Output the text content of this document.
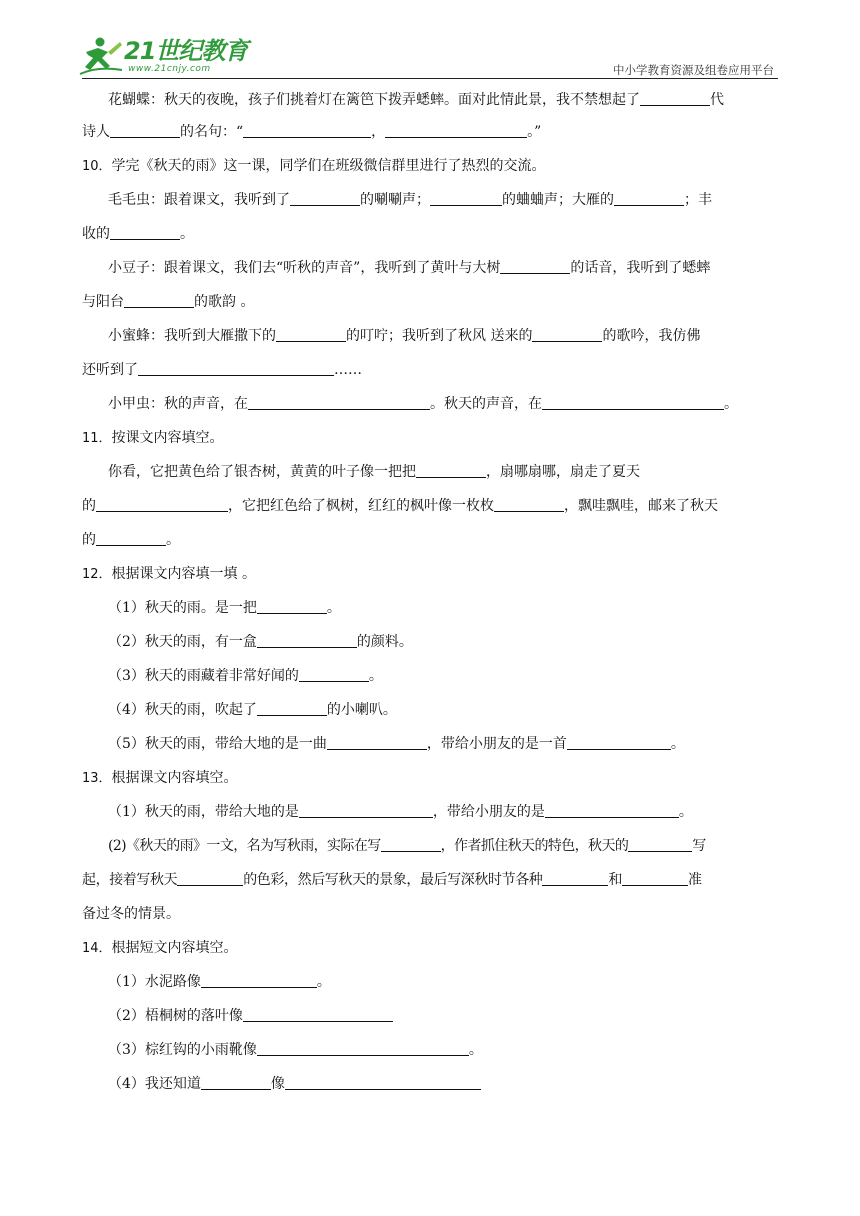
21世纪教育
www.21cnjy.com	中小学教育资源及组卷应用平台
花蝴蝶：秋天的夜晚，孩子们挑着灯在篱笆下拨弄蟋蟀。面对此情此景，我不禁想起了	代
诗人	的名句：“	，	。”
10．学完《秋天的雨》这一课，同学们在班级微信群里进行了热烈的交流。
毛毛虫：跟着课文，我听到了	的唰唰声；	的蛐蛐声；大雁的	；丰
收的	。
小豆子：跟着课文，我们去“听秋的声音”，我听到了黄叶与大树	的话音，我听到了蟋蟀
与阳台	的歌韵 。
小蜜蜂：我听到大雁撒下的	的叮咛；我听到了秋风 送来的	的歌吟，我仿佛
还听到了	……
小甲虫：秋的声音，在	。秋天的声音，在	。
11．按课文内容填空。
你看，它把黄色给了银杏树，黄黄的叶子像一把把	，扇哪扇哪，扇走了夏天
的	，它把红色给了枫树，红红的枫叶像一枚枚	，飘哇飘哇，邮来了秋天
的	。
12．根据课文内容填一填 。
（1）秋天的雨。是一把	。
（2）秋天的雨，有一盒	的颜料。
（3）秋天的雨藏着非常好闻的	。
（4）秋天的雨，吹起了	的小喇叭。
（5）秋天的雨，带给大地的是一曲	，带给小朋友的是一首	。
13．根据课文内容填空。
（1）秋天的雨，带给大地的是	，带给小朋友的是	。
(2)《秋天的雨》一文，名为写秋雨，实际在写	，作者抓住秋天的特色，秋天的	写
起，接着写秋天	的色彩，然后写秋天的景象，最后写深秋时节各种	和	准
备过冬的情景。
14．根据短文内容填空。
（1）水泥路像	。
（2）梧桐树的落叶像
（3）棕红钩的小雨靴像	。
（4）我还知道	像
